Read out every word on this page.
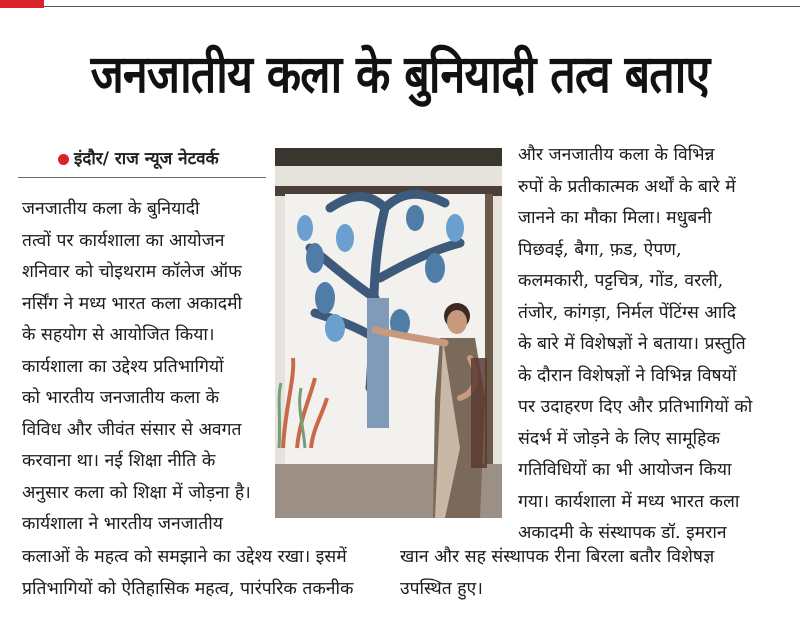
जनजातीय कला के बुनियादी तत्व बताए
इंदौर/ राज न्यूज नेटवर्क
जनजातीय कला के बुनियादी
तत्वों पर कार्यशाला का आयोजन
शनिवार को चोइथराम कॉलेज ऑफ
नर्सिंग ने मध्य भारत कला अकादमी
के सहयोग से आयोजित किया।
कार्यशाला का उद्देश्य प्रतिभागियों
को भारतीय जनजातीय कला के
विविध और जीवंत संसार से अवगत
करवाना था। नई शिक्षा नीति के
अनुसार कला को शिक्षा में जोड़ना है।
कार्यशाला ने भारतीय जनजातीय
और जनजातीय कला के विभिन्न
रुपों के प्रतीकात्मक अर्थों के बारे में
जानने का मौका मिला। मधुबनी
पिछवई, बैगा, फ़ड, ऐपण,
कलमकारी, पट्टचित्र, गोंड, वरली,
तंजोर, कांगड़ा, निर्मल पेंटिंग्स आदि
के बारे में विशेषज्ञों ने बताया। प्रस्तुति
के दौरान विशेषज्ञों ने विभिन्न विषयों
पर उदाहरण दिए और प्रतिभागियों को
संदर्भ में जोड़ने के लिए सामूहिक
गतिविधियों का भी आयोजन किया
गया। कार्यशाला में मध्य भारत कला
अकादमी के संस्थापक डॉ. इमरान
कलाओं के महत्व को समझाने का उद्देश्य रखा। इसमें
प्रतिभागियों को ऐतिहासिक महत्व, पारंपरिक तकनीक
खान और सह संस्थापक रीना बिरला बतौर विशेषज्ञ
उपस्थित हुए।
